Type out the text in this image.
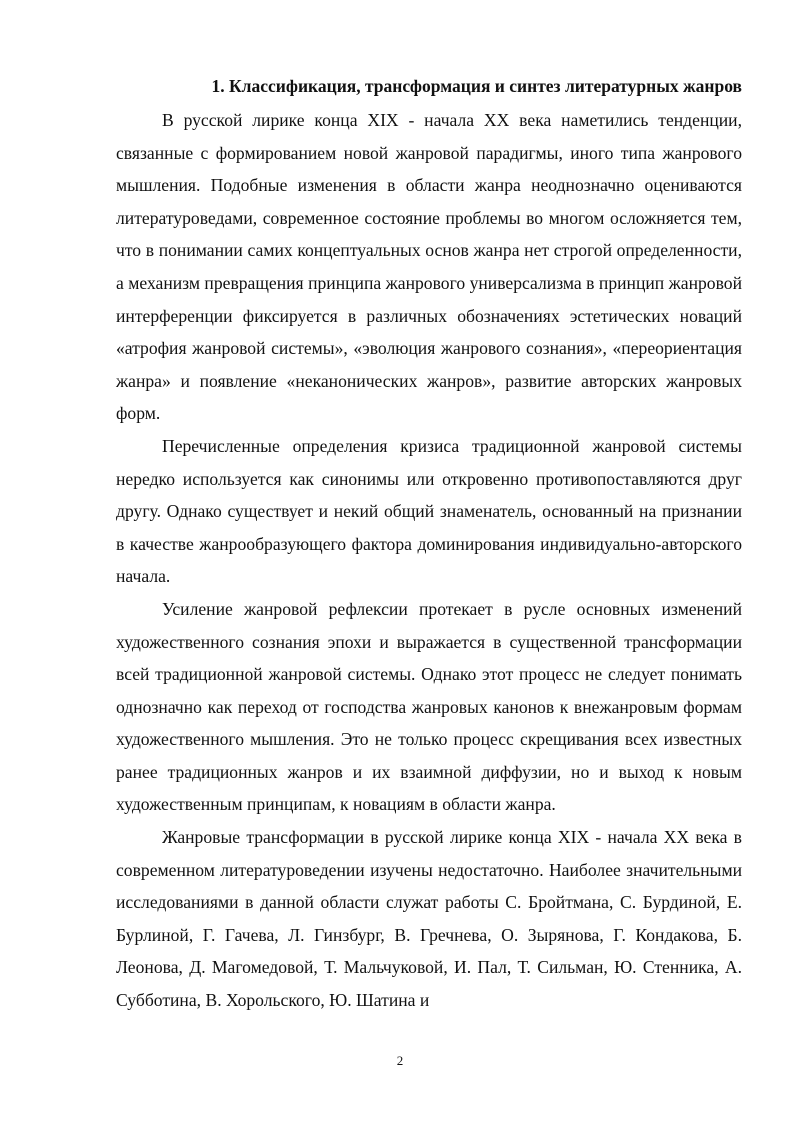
1. Классификация, трансформация и синтез литературных жанров

В русской лирике конца XIX - начала XX века наметились тенденции, связанные с формированием новой жанровой парадигмы, иного типа жанрового мышления. Подобные изменения в области жанра неоднозначно оцениваются литературоведами, современное состояние проблемы во многом осложняется тем, что в понимании самих концептуальных основ жанра нет строгой определенности, а механизм превращения принципа жанрового универсализма в принцип жанровой интерференции фиксируется в различных обозначениях эстетических новаций «атрофия жанровой системы», «эволюция жанрового сознания», «переориентация жанра» и появление «неканонических жанров», развитие авторских жанровых форм.

Перечисленные определения кризиса традиционной жанровой системы нередко используется как синонимы или откровенно противопоставляются друг другу. Однако существует и некий общий знаменатель, основанный на признании в качестве жанрообразующего фактора доминирования индивидуально-авторского начала.

Усиление жанровой рефлексии протекает в русле основных изменений художественного сознания эпохи и выражается в существенной трансформации всей традиционной жанровой системы. Однако этот процесс не следует понимать однозначно как переход от господства жанровых канонов к внежанровым формам художественного мышления. Это не только процесс скрещивания всех известных ранее традиционных жанров и их взаимной диффузии, но и выход к новым художественным принципам, к новациям в области жанра.

Жанровые трансформации в русской лирике конца XIX - начала XX века в современном литературоведении изучены недостаточно. Наиболее значительными исследованиями в данной области служат работы С. Бройтмана, С. Бурдиной, Е. Бурлиной, Г. Гачева, Л. Гинзбург, В. Гречнева, О. Зырянова, Г. Кондакова, Б. Леонова, Д. Магомедовой, Т. Мальчуковой, И. Пал, Т. Сильман, Ю. Стенника, А. Субботина, В. Хорольского, Ю. Шатина и

2
